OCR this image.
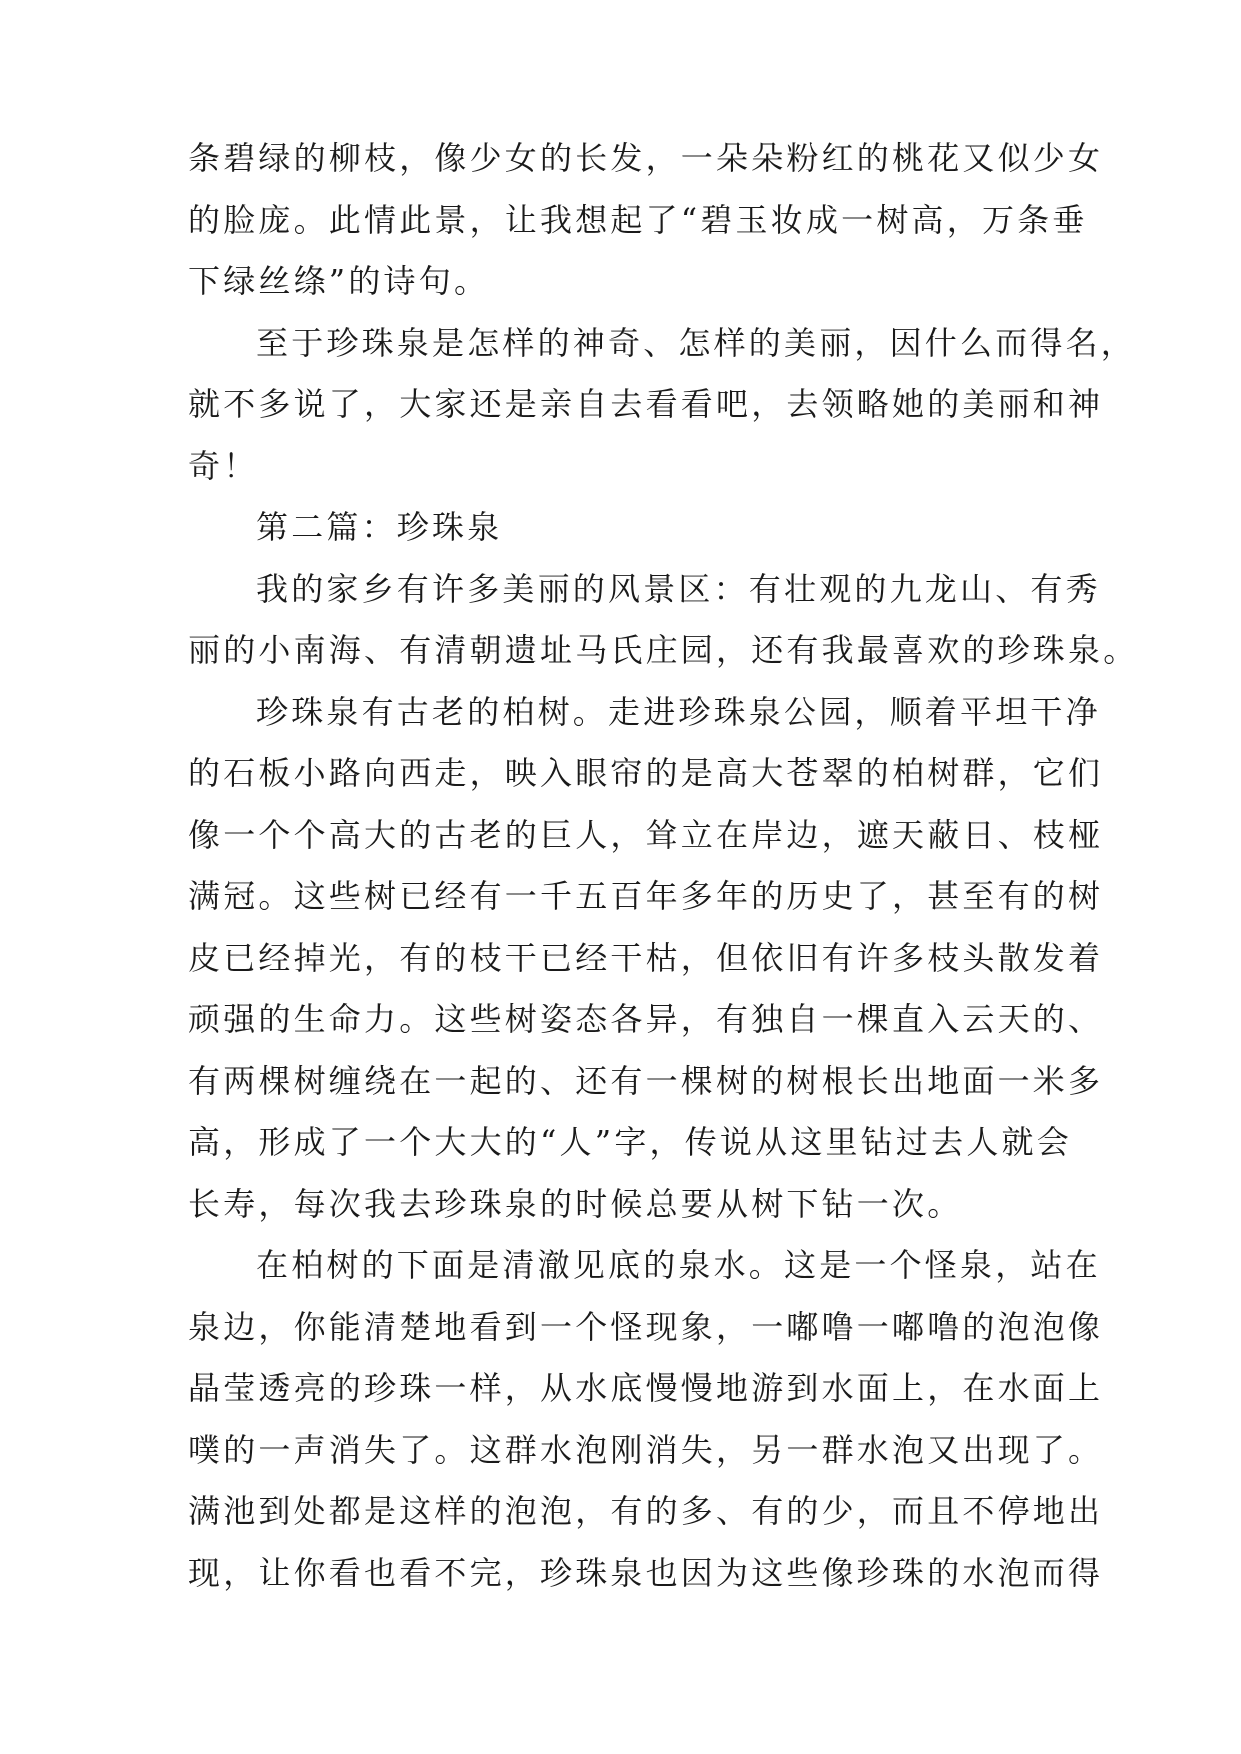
条碧绿的柳枝，像少女的长发，一朵朵粉红的桃花又似少女
的脸庞。此情此景，让我想起了“碧玉妆成一树高，万条垂
下绿丝绦”的诗句。
至于珍珠泉是怎样的神奇、怎样的美丽，因什么而得名，
就不多说了，大家还是亲自去看看吧，去领略她的美丽和神
奇！
第二篇：珍珠泉
我的家乡有许多美丽的风景区：有壮观的九龙山、有秀
丽的小南海、有清朝遗址马氏庄园，还有我最喜欢的珍珠泉。
珍珠泉有古老的柏树。走进珍珠泉公园，顺着平坦干净
的石板小路向西走，映入眼帘的是高大苍翠的柏树群，它们
像一个个高大的古老的巨人，耸立在岸边，遮天蔽日、枝桠
满冠。这些树已经有一千五百年多年的历史了，甚至有的树
皮已经掉光，有的枝干已经干枯，但依旧有许多枝头散发着
顽强的生命力。这些树姿态各异，有独自一棵直入云天的、
有两棵树缠绕在一起的、还有一棵树的树根长出地面一米多
高，形成了一个大大的“人”字，传说从这里钻过去人就会
长寿，每次我去珍珠泉的时候总要从树下钻一次。
在柏树的下面是清澈见底的泉水。这是一个怪泉，站在
泉边，你能清楚地看到一个怪现象，一嘟噜一嘟噜的泡泡像
晶莹透亮的珍珠一样，从水底慢慢地游到水面上，在水面上
噗的一声消失了。这群水泡刚消失，另一群水泡又出现了。
满池到处都是这样的泡泡，有的多、有的少，而且不停地出
现，让你看也看不完，珍珠泉也因为这些像珍珠的水泡而得
